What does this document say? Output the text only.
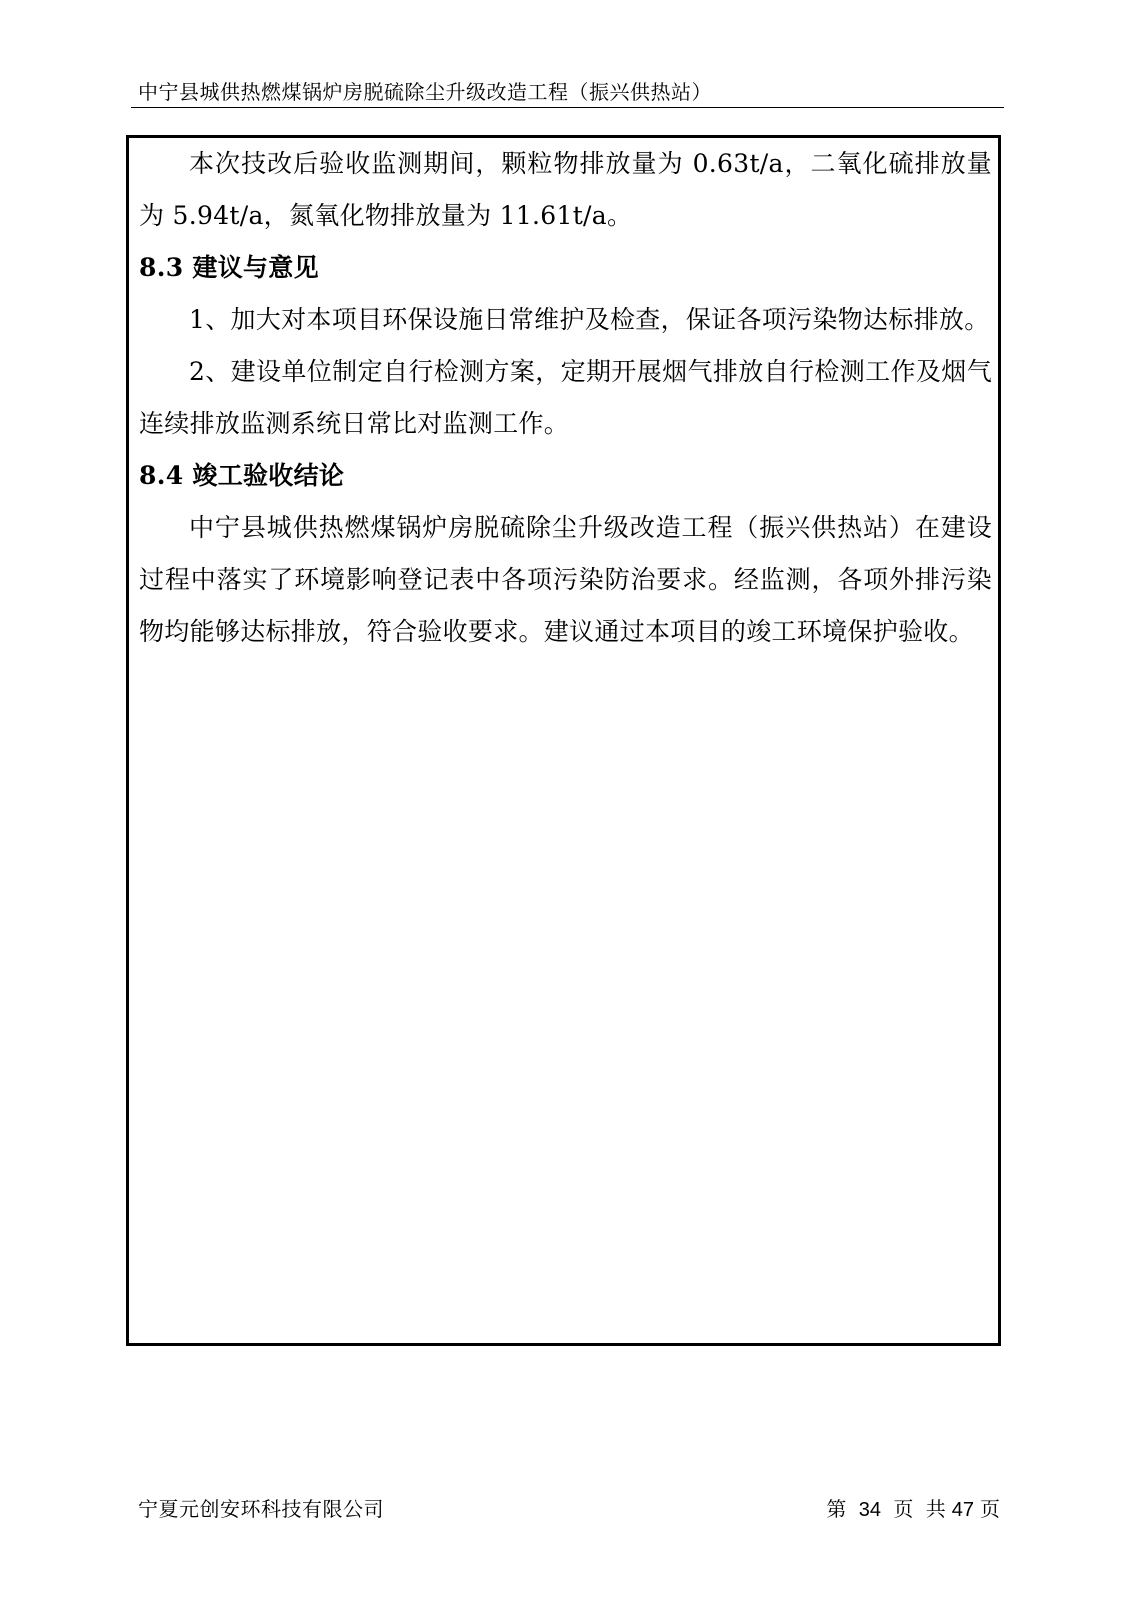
中宁县城供热燃煤锅炉房脱硫除尘升级改造工程（振兴供热站）

本次技改后验收监测期间，颗粒物排放量为 0.63t/a，二氧化硫排放量为 5.94t/a，氮氧化物排放量为 11.61t/a。

8.3 建议与意见

1、加大对本项目环保设施日常维护及检查，保证各项污染物达标排放。

2、建设单位制定自行检测方案，定期开展烟气排放自行检测工作及烟气连续排放监测系统日常比对监测工作。

8.4 竣工验收结论

中宁县城供热燃煤锅炉房脱硫除尘升级改造工程（振兴供热站）在建设过程中落实了环境影响登记表中各项污染防治要求。经监测，各项外排污染物均能够达标排放，符合验收要求。建议通过本项目的竣工环境保护验收。

宁夏元创安环科技有限公司	第 34 页 共 47 页
